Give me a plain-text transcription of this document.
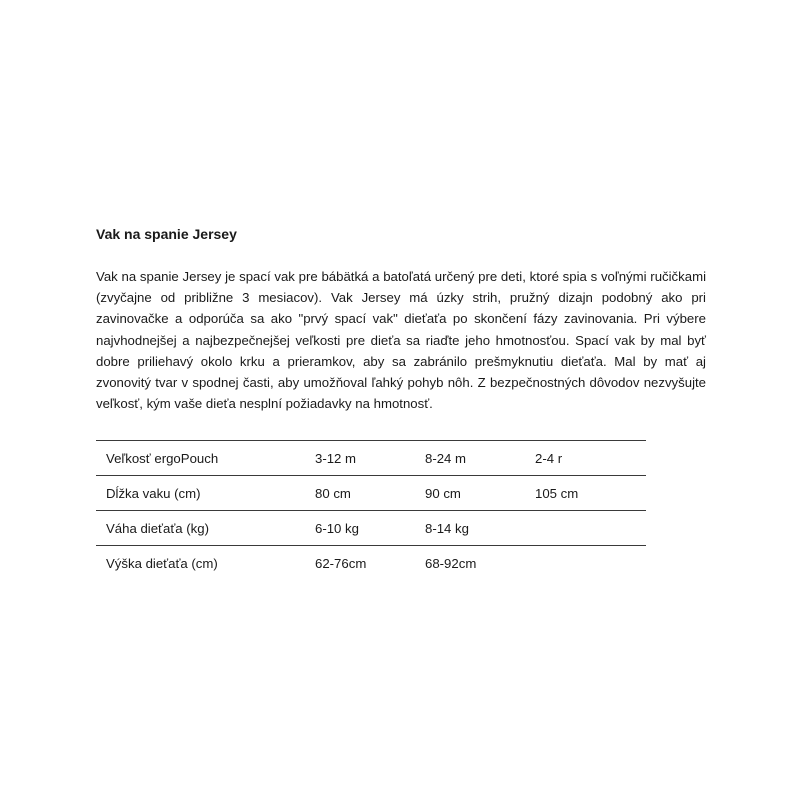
Vak na spanie Jersey

Vak na spanie Jersey je spací vak pre bábätká a batoľatá určený pre deti, ktoré spia s voľnými ručičkami (zvyčajne od približne 3 mesiacov). Vak Jersey má úzky strih, pružný dizajn podobný ako pri zavinovačke a odporúča sa ako "prvý spací vak" dieťaťa po skončení fázy zavinovania. Pri výbere najvhodnejšej a najbezpečnejšej veľkosti pre dieťa sa riaďte jeho hmotnosťou. Spací vak by mal byť dobre priliehavý okolo krku a prieramkov, aby sa zabránilo prešmyknutiu dieťaťa. Mal by mať aj zvonovitý tvar v spodnej časti, aby umožňoval ľahký pohyb nôh. Z bezpečnostných dôvodov nezvyšujte veľkosť, kým vaše dieťa nesplní požiadavky na hmotnosť.

Veľkosť ergoPouch	3-12 m	8-24 m	2-4 r
Dĺžka vaku (cm)	80 cm	90 cm	105 cm
Váha dieťaťa (kg)	6-10 kg	8-14 kg	
Výška dieťaťa (cm)	62-76cm	68-92cm	
